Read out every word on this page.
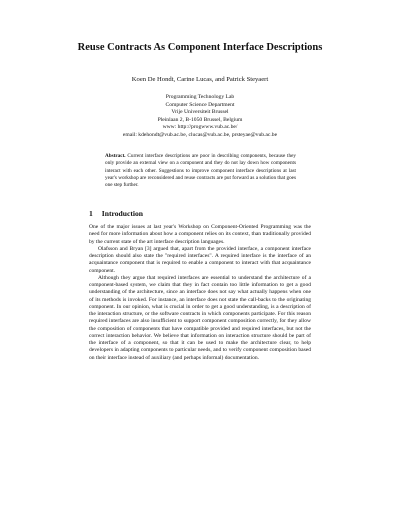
Reuse Contracts As Component Interface Descriptions
Koen De Hondt, Carine Lucas, and Patrick Steyaert
Programming Technology Lab
Computer Science Department
Vrije Universiteit Brussel
Pleinlaan 2, B-1050 Brussel, Belgium
www: http://progwww.vub.ac.be/
email: kdehondt@vub.ac.be, clucas@vub.ac.be, prsteyae@vub.ac.be
Abstract. Current interface descriptions are poor in describing components, because they only provide an external view on a component and they do not lay down how components interact with each other. Suggestions to improve component interface descriptions at last year's workshop are reconsidered and reuse contracts are put forward as a solution that goes one step further.
1 Introduction

One of the major issues at last year's Workshop on Component-Oriented Programming was the need for more information about how a component relies on its context, than traditionally provided by the current state of the art interface description languages.

Olafsson and Bryan [3] argued that, apart from the provided interface, a component interface description should also state the "required interfaces". A required interface is the interface of an acquaintance component that is required to enable a component to interact with that acquaintance component.

Although they argue that required interfaces are essential to understand the architecture of a component-based system, we claim that they in fact contain too little information to get a good understanding of the architecture, since an interface does not say what actually happens when one of its methods is invoked. For instance, an interface does not state the call-backs to the originating component. In our opinion, what is crucial in order to get a good understanding, is a description of the interaction structure, or the software contracts in which components participate. For this reason required interfaces are also insufficient to support component composition correctly, for they allow the composition of components that have compatible provided and required interfaces, but not the correct interaction behavior. We believe that information on interaction structure should be part of the interface of a component, so that it can be used to make the architecture clear, to help developers in adapting components to particular needs, and to verify component composition based on their interface instead of auxiliary (and perhaps informal) documentation.
